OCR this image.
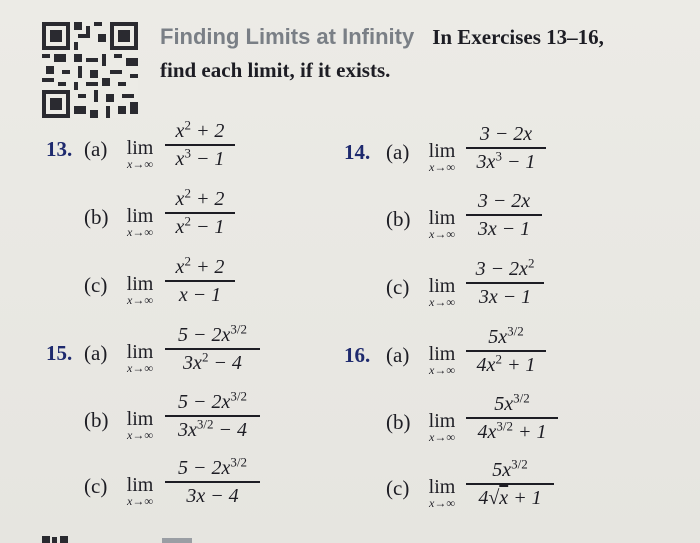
Finding Limits at Infinity In Exercises 13–16,
find each limit, if it exists.
13. (a) lim
x→∞
$x^2 + 2$
$x^3 - 1$
(b) lim
x→∞
$x^2 + 2$
$x^2 - 1$
(c) lim
x→∞
$x^2 + 2$
x − 1
14. (a) lim
x→∞
3 − 2x
$3x^3 - 1$
(b) lim
x→∞
3 − 2x
3x − 1
(c) lim
x→∞
$3 - 2x^2$
3x − 1
15. (a) lim
x→∞
$5 - 2x^{3/2}$
$3x^2 - 4$
(b) lim
x→∞
$5 - 2x^{3/2}$
$3x^{3/2} - 4$
(c) lim
x→∞
$5 - 2x^{3/2}$
3x − 4
16. (a) lim
x→∞
$5x^{3/2}$
$4x^2 + 1$
(b) lim
x→∞
$5x^{3/2}$
$4x^{3/2} + 1$
(c) lim
x→∞
$5x^{3/2}$
4√x + 1
